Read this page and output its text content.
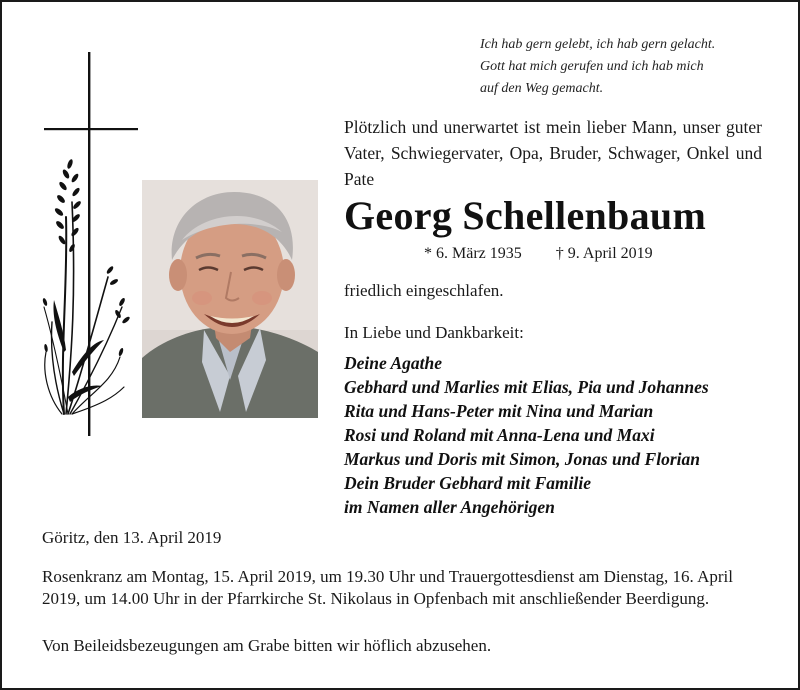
Ich hab gern gelebt, ich hab gern gelacht.
Gott hat mich gerufen und ich hab mich
auf den Weg gemacht.
Plötzlich und unerwartet ist mein lieber Mann, unser guter Vater, Schwiegervater, Opa, Bruder, Schwager, Onkel und Pate
Georg Schellenbaum
* 6. März 1935 † 9. April 2019
friedlich eingeschlafen.
In Liebe und Dankbarkeit:
Deine Agathe
Gebhard und Marlies mit Elias, Pia und Johannes
Rita und Hans-Peter mit Nina und Marian
Rosi und Roland mit Anna-Lena und Maxi
Markus und Doris mit Simon, Jonas und Florian
Dein Bruder Gebhard mit Familie
im Namen aller Angehörigen
Göritz, den 13. April 2019
Rosenkranz am Montag, 15. April 2019, um 19.30 Uhr und Trauergottesdienst am Dienstag, 16. April 2019, um 14.00 Uhr in der Pfarrkirche St. Nikolaus in Opfenbach mit anschließender Beerdigung.
Von Beileidsbezeugungen am Grabe bitten wir höflich abzusehen.
